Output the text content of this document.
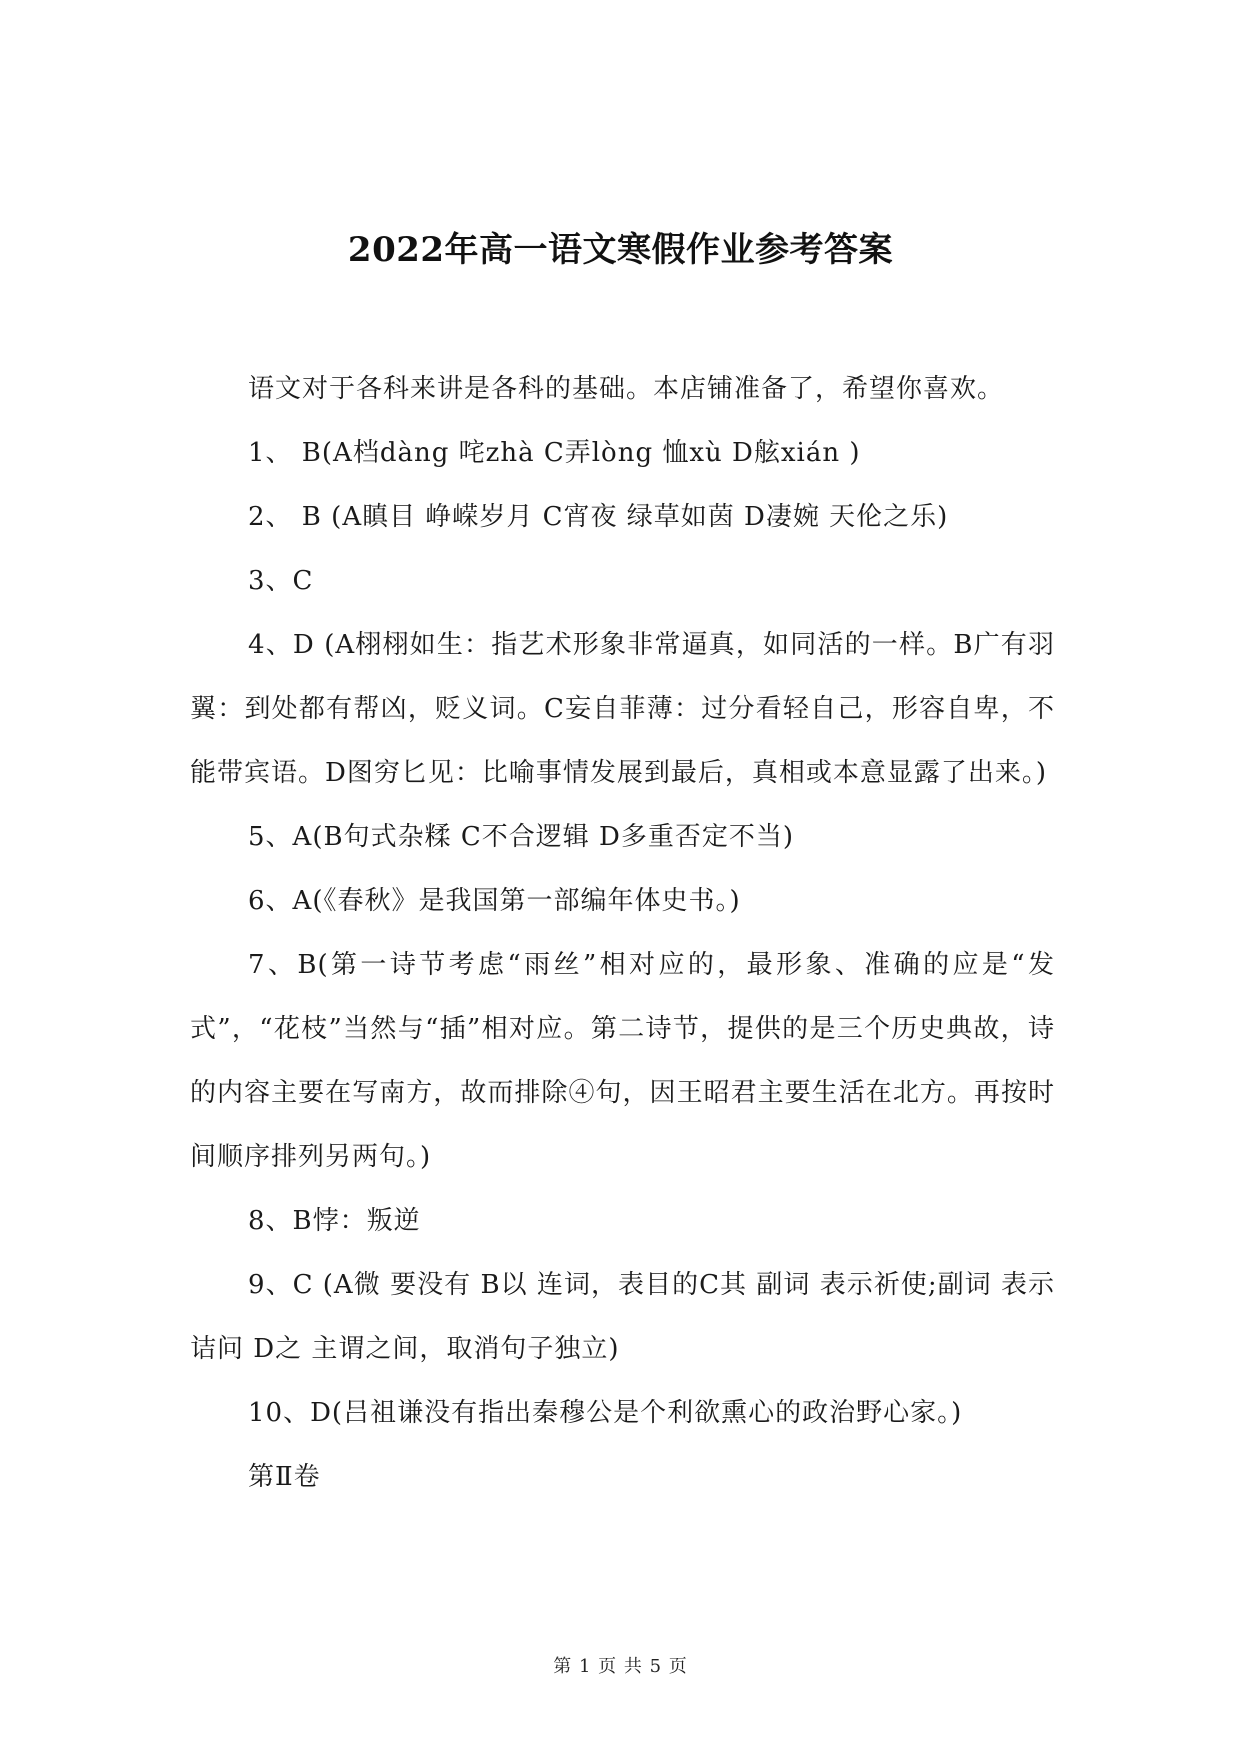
2022年高一语文寒假作业参考答案

语文对于各科来讲是各科的基础。本店铺准备了，希望你喜欢。

1、 B(A档dàng 咤zhà C弄lòng 恤xù D舷xián )

2、 B (A瞋目 峥嵘岁月 C宵夜 绿草如茵 D凄婉 天伦之乐)

3、C

4、D (A栩栩如生：指艺术形象非常逼真，如同活的一样。B广有羽翼：到处都有帮凶，贬义词。C妄自菲薄：过分看轻自己，形容自卑，不能带宾语。D图穷匕见：比喻事情发展到最后，真相或本意显露了出来。)

5、A(B句式杂糅 C不合逻辑 D多重否定不当)

6、A(《春秋》是我国第一部编年体史书。)

7、B(第一诗节考虑“雨丝”相对应的，最形象、准确的应是“发式”，“花枝”当然与“插”相对应。第二诗节，提供的是三个历史典故，诗的内容主要在写南方，故而排除④句，因王昭君主要生活在北方。再按时间顺序排列另两句。)

8、B悖：叛逆

9、C (A微 要没有 B以 连词，表目的C其 副词 表示祈使;副词 表示诘问 D之 主谓之间，取消句子独立)

10、D(吕祖谦没有指出秦穆公是个利欲熏心的政治野心家。)

第Ⅱ卷

第 1 页 共 5 页
